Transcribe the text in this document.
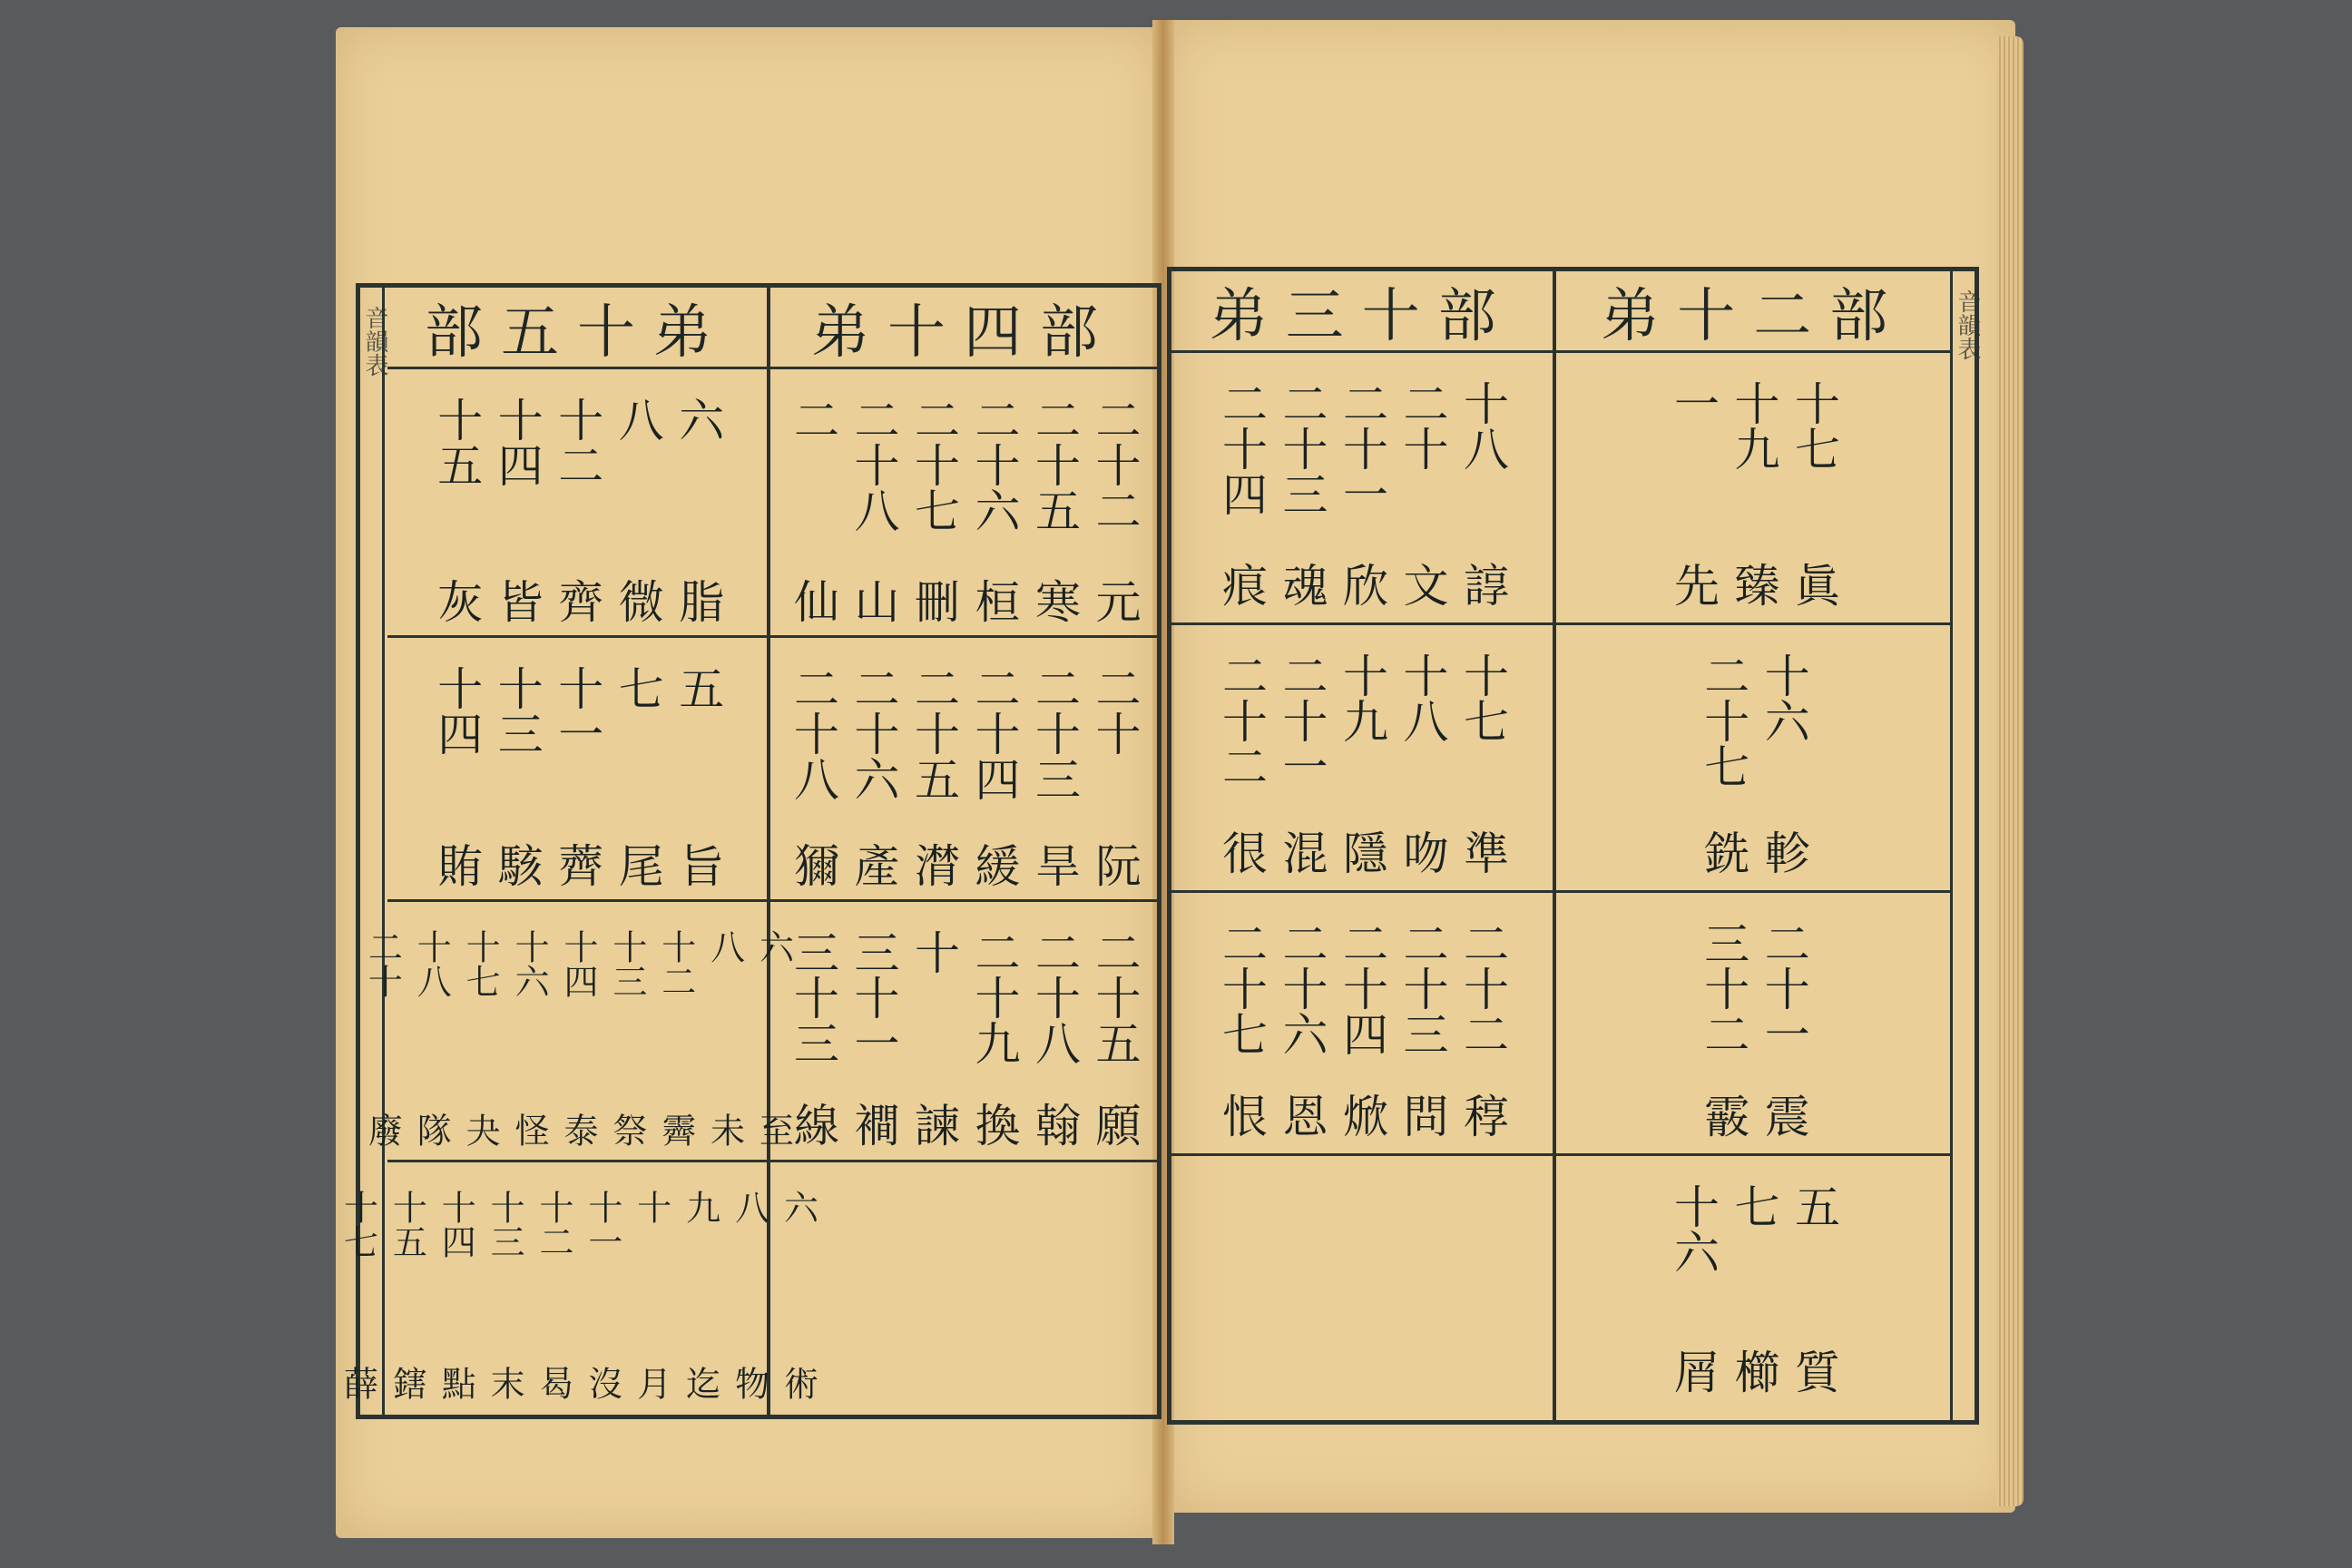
音韻表
弟十二部
十七
眞
十九
臻
一
先
十六
軫
二十七
銑
二十一
震
三十二
霰
五
質
七
櫛
十六
屑
弟三十部
十八
諄
二十
文
二十一
欣
二十三
魂
二十四
痕
十七
準
十八
吻
十九
隱
二十一
混
二十二
很
二十二
稕
二十三
問
二十四
焮
二十六
恩
二十七
恨
音韻表	弟十四部
二十二
元
二十五
寒
二十六
桓
二十七
刪
二十八
山
二
仙
二十
阮
二十三
旱
二十四
緩
二十五
潸
二十六
產
二十八
獮
二十五
願
二十八
翰
二十九
換
十
諫
三十一
襇
三十三
線
部五十弟
六
脂
八
微
十二
齊
十四
皆
十五
灰
五
旨
七
尾
十一
薺
十三
駭
十四
賄
六
至
八
未
十二
霽
十三
祭
十四
泰
十六
怪
十七
夬
十八
隊
二十
廢
六
術
八
物
九
迄
十
月
十一
沒
十二
曷
十三
末
十四
點
十五
鎋
十七
薛
